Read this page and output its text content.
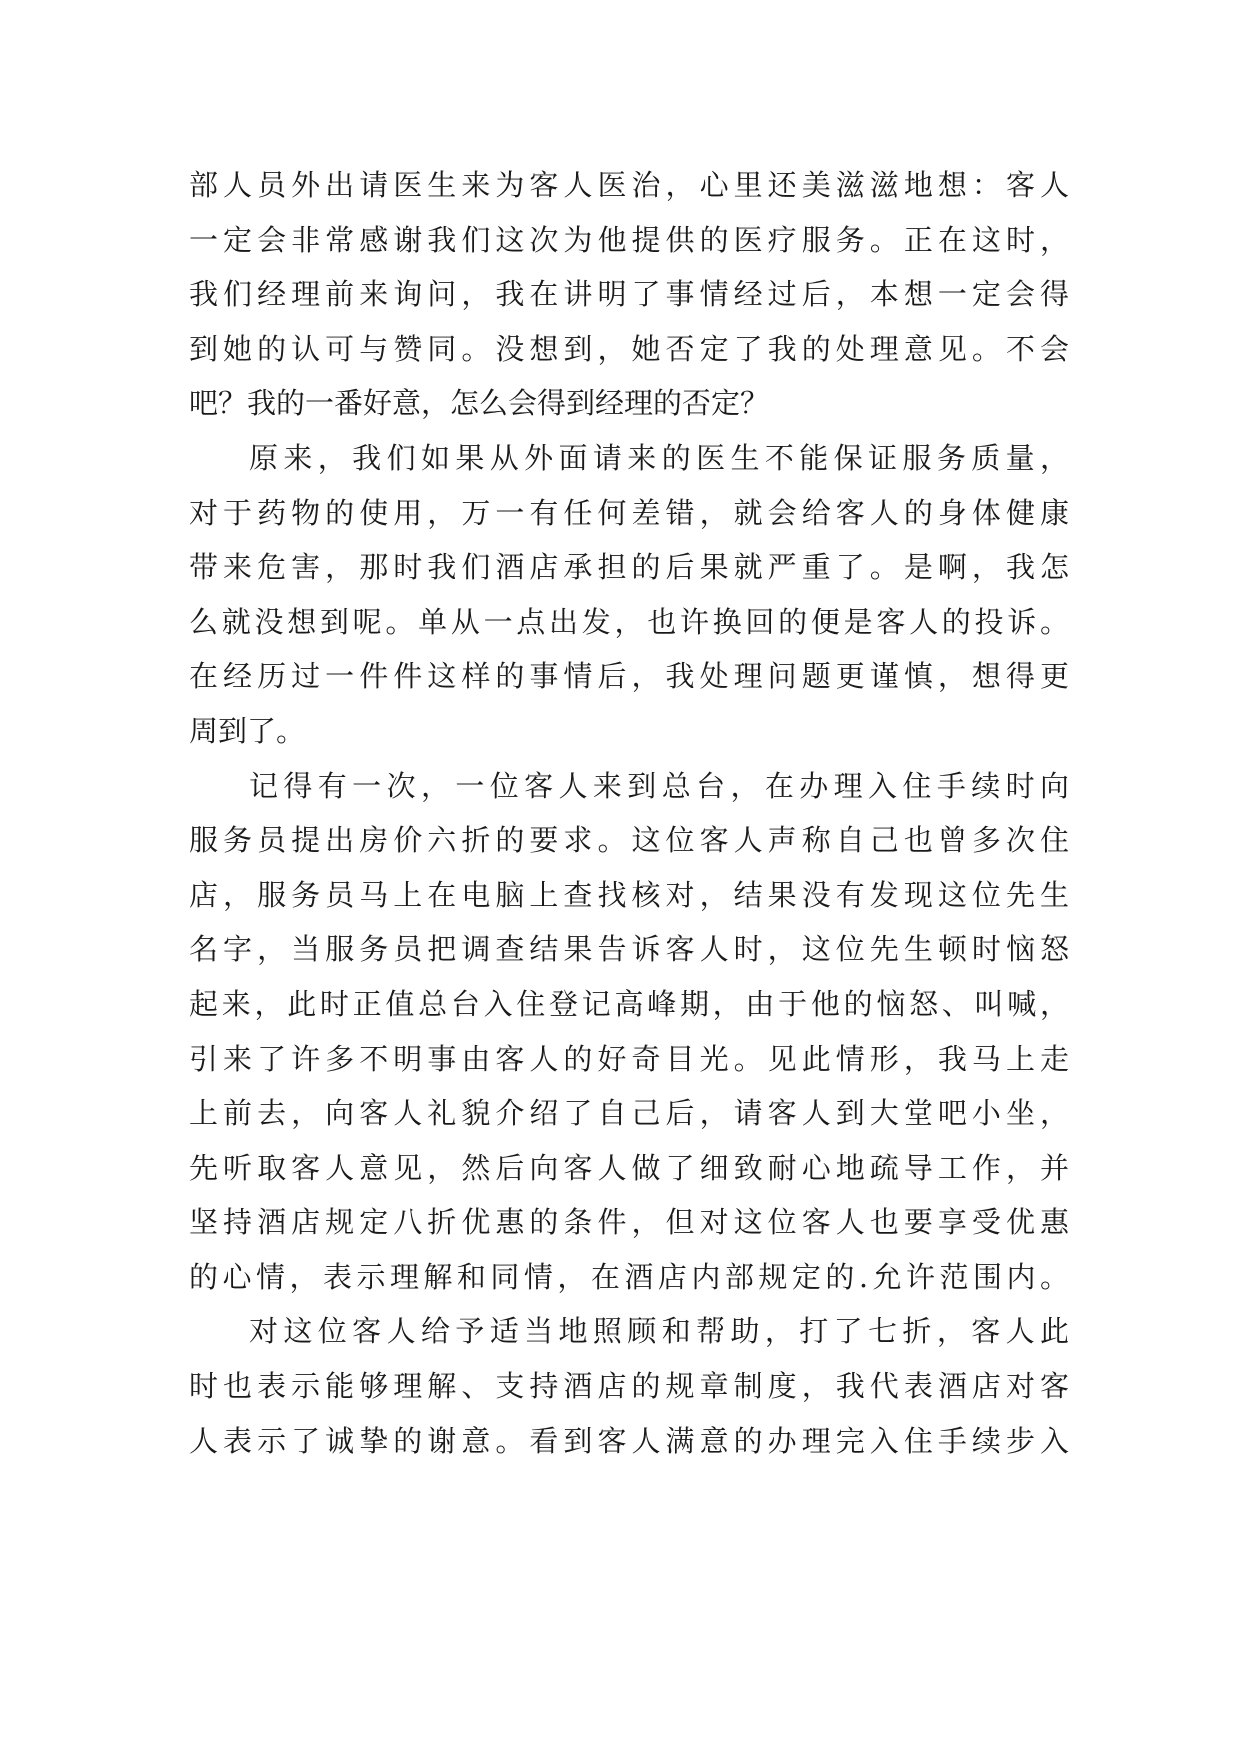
部人员外出请医生来为客人医治，心里还美滋滋地想：客人
一定会非常感谢我们这次为他提供的医疗服务。正在这时，
我们经理前来询问，我在讲明了事情经过后，本想一定会得
到她的认可与赞同。没想到，她否定了我的处理意见。不会
吧？我的一番好意，怎么会得到经理的否定？
原来，我们如果从外面请来的医生不能保证服务质量，
对于药物的使用，万一有任何差错，就会给客人的身体健康
带来危害，那时我们酒店承担的后果就严重了。是啊，我怎
么就没想到呢。单从一点出发，也许换回的便是客人的投诉。
在经历过一件件这样的事情后，我处理问题更谨慎，想得更
周到了。
记得有一次，一位客人来到总台，在办理入住手续时向
服务员提出房价六折的要求。这位客人声称自己也曾多次住
店，服务员马上在电脑上查找核对，结果没有发现这位先生
名字，当服务员把调查结果告诉客人时，这位先生顿时恼怒
起来，此时正值总台入住登记高峰期，由于他的恼怒、叫喊，
引来了许多不明事由客人的好奇目光。见此情形，我马上走
上前去，向客人礼貌介绍了自己后，请客人到大堂吧小坐，
先听取客人意见，然后向客人做了细致耐心地疏导工作，并
坚持酒店规定八折优惠的条件，但对这位客人也要享受优惠
的心情，表示理解和同情，在酒店内部规定的.允许范围内。
对这位客人给予适当地照顾和帮助，打了七折，客人此
时也表示能够理解、支持酒店的规章制度，我代表酒店对客
人表示了诚挚的谢意。看到客人满意的办理完入住手续步入
